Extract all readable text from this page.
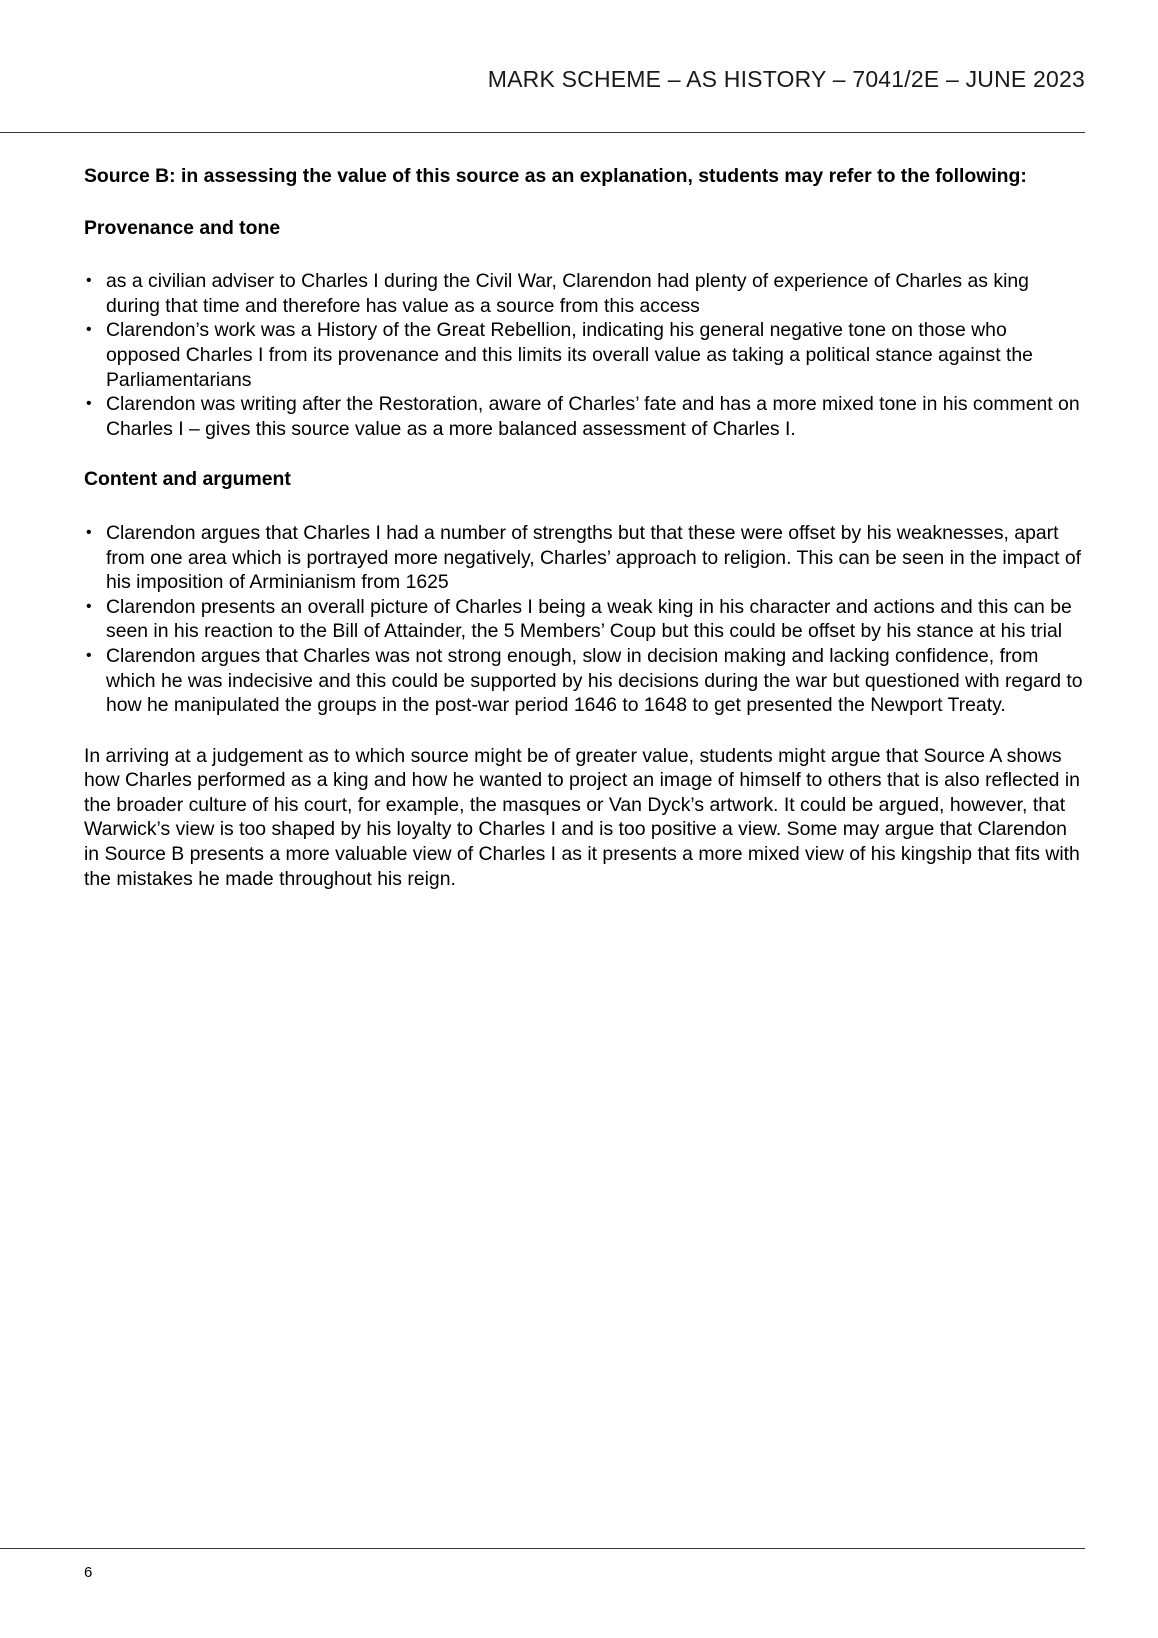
MARK SCHEME – AS HISTORY – 7041/2E – JUNE 2023

Source B: in assessing the value of this source as an explanation, students may refer to the following:

Provenance and tone

• as a civilian adviser to Charles I during the Civil War, Clarendon had plenty of experience of Charles as king during that time and therefore has value as a source from this access
• Clarendon’s work was a History of the Great Rebellion, indicating his general negative tone on those who opposed Charles I from its provenance and this limits its overall value as taking a political stance against the Parliamentarians
• Clarendon was writing after the Restoration, aware of Charles’ fate and has a more mixed tone in his comment on Charles I – gives this source value as a more balanced assessment of Charles I.

Content and argument

• Clarendon argues that Charles I had a number of strengths but that these were offset by his weaknesses, apart from one area which is portrayed more negatively, Charles’ approach to religion. This can be seen in the impact of his imposition of Arminianism from 1625
• Clarendon presents an overall picture of Charles I being a weak king in his character and actions and this can be seen in his reaction to the Bill of Attainder, the 5 Members’ Coup but this could be offset by his stance at his trial
• Clarendon argues that Charles was not strong enough, slow in decision making and lacking confidence, from which he was indecisive and this could be supported by his decisions during the war but questioned with regard to how he manipulated the groups in the post-war period 1646 to 1648 to get presented the Newport Treaty.

In arriving at a judgement as to which source might be of greater value, students might argue that Source A shows how Charles performed as a king and how he wanted to project an image of himself to others that is also reflected in the broader culture of his court, for example, the masques or Van Dyck’s artwork. It could be argued, however, that Warwick’s view is too shaped by his loyalty to Charles I and is too positive a view. Some may argue that Clarendon in Source B presents a more valuable view of Charles I as it presents a more mixed view of his kingship that fits with the mistakes he made throughout his reign.

6
